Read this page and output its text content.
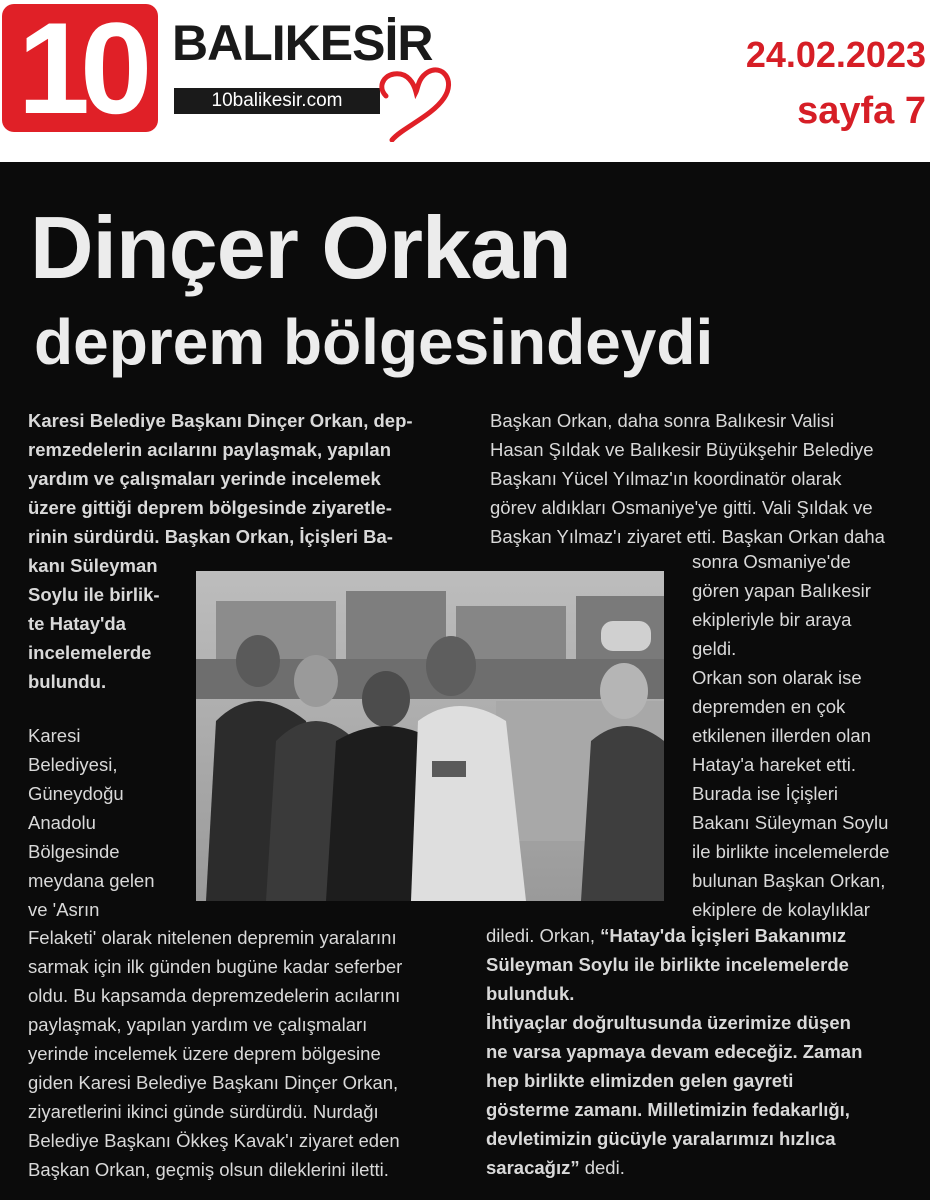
10 BALIKESİR
10balikesir.com
24.02.2023
sayfa 7
Dinçer Orkan
deprem bölgesindeydi

Karesi Belediye Başkanı Dinçer Orkan, dep-

remzedelerin acılarını paylaşmak, yapılan

yardım ve çalışmaları yerinde incelemek

üzere gittiği deprem bölgesinde ziyaretle-

rinin sürdürdü. Başkan Orkan, İçişleri Ba-

kanı Süleyman

Soylu ile birlik-

te Hatay'da

incelemelerde

bulundu.

Karesi

Belediyesi,

Güneydoğu

Anadolu

Bölgesinde

meydana gelen

ve 'Asrın

Felaketi' olarak nitelenen depremin yaralarını

sarmak için ilk günden bugüne kadar seferber

oldu. Bu kapsamda depremzedelerin acılarını

paylaşmak, yapılan yardım ve çalışmaları

yerinde incelemek üzere deprem bölgesine

giden Karesi Belediye Başkanı Dinçer Orkan,

ziyaretlerini ikinci günde sürdürdü. Nurdağı

Belediye Başkanı Ökkeş Kavak'ı ziyaret eden

Başkan Orkan, geçmiş olsun dileklerini iletti.

Başkan Orkan, daha sonra Balıkesir Valisi

Hasan Şıldak ve Balıkesir Büyükşehir Belediye

Başkanı Yücel Yılmaz'ın koordinatör olarak

görev aldıkları Osmaniye'ye gitti. Vali Şıldak ve

Başkan Yılmaz'ı ziyaret etti. Başkan Orkan daha

sonra Osmaniye'de

gören yapan Balıkesir

ekipleriyle bir araya

geldi.

Orkan son olarak ise

depremden en çok

etkilenen illerden olan

Hatay'a hareket etti.

Burada ise İçişleri

Bakanı Süleyman Soylu

ile birlikte incelemelerde

bulunan Başkan Orkan,

ekiplere de kolaylıklar

diledi. Orkan, “Hatay'da İçişleri Bakanımız

Süleyman Soylu ile birlikte incelemelerde

bulunduk.

İhtiyaçlar doğrultusunda üzerimize düşen

ne varsa yapmaya devam edeceğiz. Zaman

hep birlikte elimizden gelen gayreti

gösterme zamanı. Milletimizin fedakarlığı,

devletimizin gücüyle yaralarımızı hızlıca

saracağız” dedi.
